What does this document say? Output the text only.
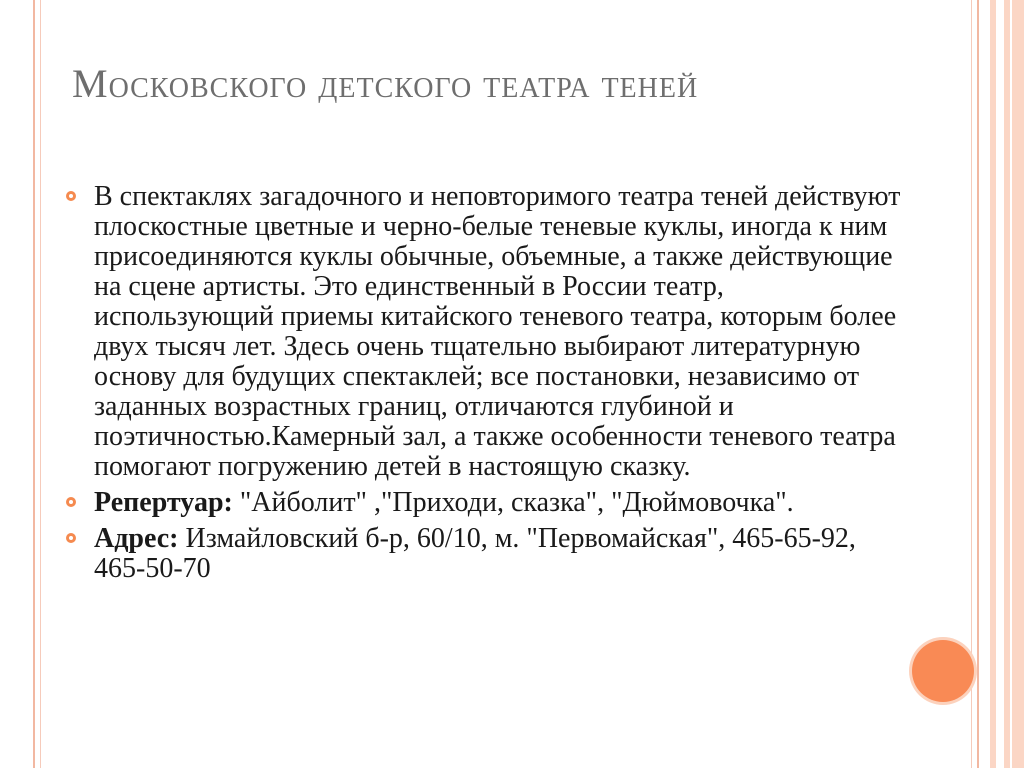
Московского детского театра теней
В спектаклях загадочного и неповторимого театра теней действуют плоскостные цветные и черно-белые теневые куклы, иногда к ним присоединяются куклы обычные, объемные, а также действующие на сцене артисты. Это единственный в России театр, использующий приемы китайского теневого театра, которым более двух тысяч лет. Здесь очень тщательно выбирают литературную основу для будущих спектаклей; все постановки, независимо от заданных возрастных границ, отличаются глубиной и поэтичностью.Камерный зал, а также особенности теневого театра помогают погружению детей в настоящую сказку.
Репертуар: "Айболит" ,"Приходи, сказка", "Дюймовочка".
Адрес: Измайловский б-р, 60/10, м. "Первомайская", 465-65-92, 465-50-70
